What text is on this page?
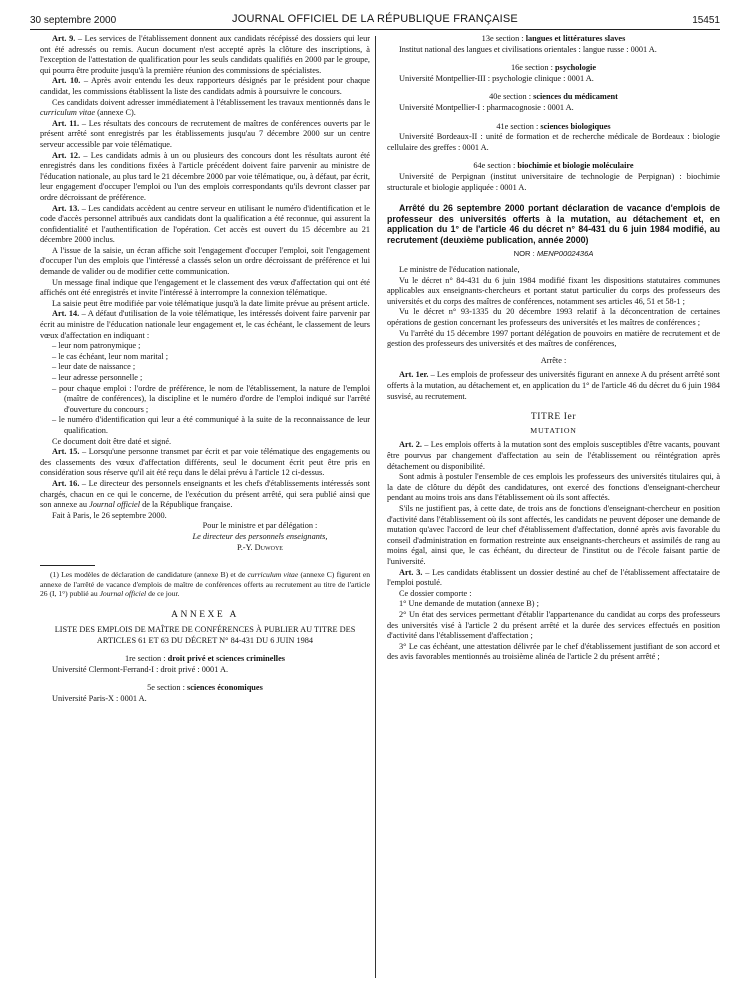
30 septembre 2000	JOURNAL OFFICIEL DE LA RÉPUBLIQUE FRANÇAISE	15451

Art. 9. – Les services de l'établissement donnent aux candidats récépissé des dossiers qui leur ont été adressés ou remis. Aucun document n'est accepté après la clôture des inscriptions, à l'exception de l'attestation de qualification pour les seuls candidats qualifiés en 2000 par le groupe, qui pourra être produite jusqu'à la première réunion des commissions de spécialistes.

Art. 10. – Après avoir entendu les deux rapporteurs désignés par le président pour chaque candidat, les commissions établissent la liste des candidats admis à poursuivre le concours.

Ces candidats doivent adresser immédiatement à l'établissement les travaux mentionnés dans le curriculum vitae (annexe C).

Art. 11. – Les résultats des concours de recrutement de maîtres de conférences ouverts par le présent arrêté sont enregistrés par les établissements jusqu'au 7 décembre 2000 sur un centre serveur accessible par voie télématique.

Art. 12. – Les candidats admis à un ou plusieurs des concours dont les résultats auront été enregistrés dans les conditions fixées à l'article précédent doivent faire parvenir au ministre de l'éducation nationale, au plus tard le 21 décembre 2000 par voie télématique, ou, à défaut, par écrit, leur engagement d'occuper l'emploi ou l'un des emplois correspondants qu'ils devront classer par ordre décroissant de préférence.

Art. 13. – Les candidats accèdent au centre serveur en utilisant le numéro d'identification et le code d'accès personnel attribués aux candidats dont la qualification a été reconnue, qui assurent la confidentialité et l'authentification de l'opération. Cet accès est ouvert du 15 décembre au 21 décembre 2000 inclus.

A l'issue de la saisie, un écran affiche soit l'engagement d'occuper l'emploi, soit l'engagement d'occuper l'un des emplois que l'intéressé a classés selon un ordre décroissant de préférence et lui demande de valider ou de modifier cette communication.

Un message final indique que l'engagement et le classement des vœux d'affectation qui ont été affichés ont été enregistrés et invite l'intéressé à interrompre la connexion télématique.

La saisie peut être modifiée par voie télématique jusqu'à la date limite prévue au présent article.

Art. 14. – A défaut d'utilisation de la voie télématique, les intéressés doivent faire parvenir par écrit au ministre de l'éducation nationale leur engagement et, le cas échéant, le classement de leurs vœux d'affectation en indiquant :

– leur nom patronymique ;

– le cas échéant, leur nom marital ;

– leur date de naissance ;

– leur adresse personnelle ;

– pour chaque emploi : l'ordre de préférence, le nom de l'établissement, la nature de l'emploi (maître de conférences), la discipline et le numéro d'ordre de l'emploi indiqué sur l'arrêté d'ouverture du concours ;

– le numéro d'identification qui leur a été communiqué à la suite de la reconnaissance de leur qualification.

Ce document doit être daté et signé.

Art. 15. – Lorsqu'une personne transmet par écrit et par voie télématique des engagements ou des classements des vœux d'affectation différents, seul le document écrit peut être pris en considération sous réserve qu'il ait été reçu dans le délai prévu à l'article 12 ci-dessus.

Art. 16. – Le directeur des personnels enseignants et les chefs d'établissements intéressés sont chargés, chacun en ce qui le concerne, de l'exécution du présent arrêté, qui sera publié ainsi que son annexe au Journal officiel de la République française.

Fait à Paris, le 26 septembre 2000.

Pour le ministre et par délégation :

Le directeur des personnels enseignants,

P.-Y. Duwoye

(1) Les modèles de déclaration de candidature (annexe B) et de curriculum vitae (annexe C) figurent en annexe de l'arrêté de vacance d'emplois de maître de conférences offerts au recrutement au titre de l'article 26 (I, 1°) publié au Journal officiel de ce jour.

ANNEXE A

LISTE DES EMPLOIS DE MAÎTRE DE CONFÉRENCES À PUBLIER AU TITRE DES ARTICLES 61 ET 63 DU DÉCRET N° 84-431 DU 6 JUIN 1984

1re section : droit privé et sciences criminelles

Université Clermont-Ferrand-I : droit privé : 0001 A.

5e section : sciences économiques

Université Paris-X : 0001 A.

13e section : langues et littératures slaves

Institut national des langues et civilisations orientales : langue russe : 0001 A.

16e section : psychologie

Université Montpellier-III : psychologie clinique : 0001 A.

40e section : sciences du médicament

Université Montpellier-I : pharmacognosie : 0001 A.

41e section : sciences biologiques

Université Bordeaux-II : unité de formation et de recherche médicale de Bordeaux : biologie cellulaire des greffes : 0001 A.

64e section : biochimie et biologie moléculaire

Université de Perpignan (institut universitaire de technologie de Perpignan) : biochimie structurale et biologie appliquée : 0001 A.

Arrêté du 26 septembre 2000 portant déclaration de vacance d'emplois de professeur des universités offerts à la mutation, au détachement et, en application du 1° de l'article 46 du décret n° 84-431 du 6 juin 1984 modifié, au recrutement (deuxième publication, année 2000)

NOR : MENP0002436A

Le ministre de l'éducation nationale,

Vu le décret n° 84-431 du 6 juin 1984 modifié fixant les dispositions statutaires communes applicables aux enseignants-chercheurs et portant statut particulier du corps des professeurs des universités et du corps des maîtres de conférences, notamment ses articles 46, 51 et 58-1 ;

Vu le décret n° 93-1335 du 20 décembre 1993 relatif à la déconcentration de certaines opérations de gestion concernant les professeurs des universités et les maîtres de conférences ;

Vu l'arrêté du 15 décembre 1997 portant délégation de pouvoirs en matière de recrutement et de gestion des professeurs des universités et des maîtres de conférences,

Arrête :

Art. 1er. – Les emplois de professeur des universités figurant en annexe A du présent arrêté sont offerts à la mutation, au détachement et, en application du 1° de l'article 46 du décret du 6 juin 1984 susvisé, au recrutement.

TITRE Ier

MUTATION

Art. 2. – Les emplois offerts à la mutation sont des emplois susceptibles d'être vacants, pouvant être pourvus par changement d'affectation au sein de l'établissement ou réintégration après détachement ou disponibilité.

Sont admis à postuler l'ensemble de ces emplois les professeurs des universités titulaires qui, à la date de clôture du dépôt des candidatures, ont exercé des fonctions d'enseignant-chercheur pendant au moins trois ans dans l'établissement où ils sont affectés.

S'ils ne justifient pas, à cette date, de trois ans de fonctions d'enseignant-chercheur en position d'activité dans l'établissement où ils sont affectés, les candidats ne peuvent déposer une demande de mutation qu'avec l'accord de leur chef d'établissement d'affectation, donné après avis favorable du conseil d'administration en formation restreinte aux enseignants-chercheurs et assimilés de rang au moins égal, ainsi que, le cas échéant, du directeur de l'institut ou de l'école faisant partie de l'université.

Art. 3. – Les candidats établissent un dossier destiné au chef de l'établissement affectataire de l'emploi postulé.

Ce dossier comporte :

1° Une demande de mutation (annexe B) ;

2° Un état des services permettant d'établir l'appartenance du candidat au corps des professeurs des universités visé à l'article 2 du présent arrêté et la durée des services effectués en position d'activité dans l'établissement d'affectation ;

3° Le cas échéant, une attestation délivrée par le chef d'établissement justifiant de son accord et des avis favorables mentionnés au troisième alinéa de l'article 2 du présent arrêté ;
